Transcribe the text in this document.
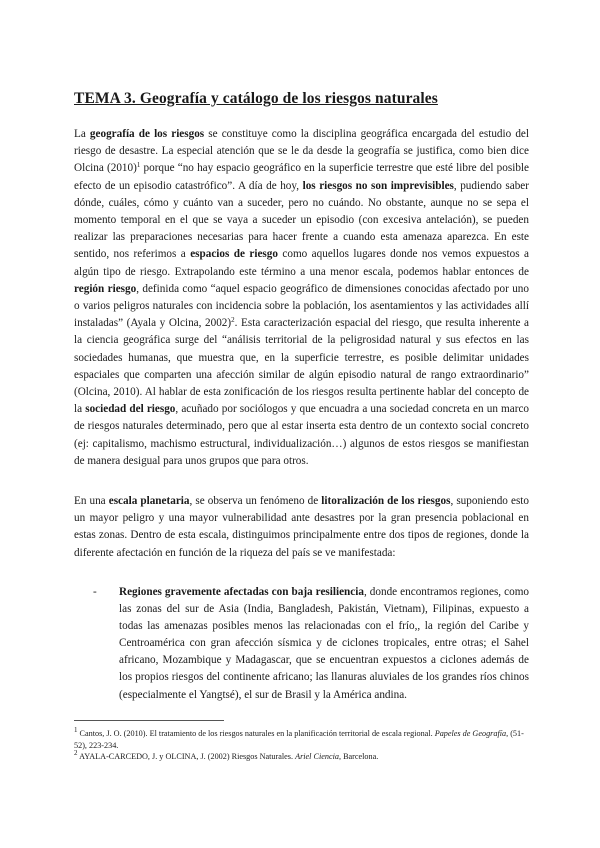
TEMA 3. Geografía y catálogo de los riesgos naturales

La geografía de los riesgos se constituye como la disciplina geográfica encargada del estudio del riesgo de desastre. La especial atención que se le da desde la geografía se justifica, como bien dice Olcina $(2010)^1$ porque “no hay espacio geográfico en la superficie terrestre que esté libre del posible efecto de un episodio catastrófico”. A día de hoy, los riesgos no son imprevisibles, pudiendo saber dónde, cuáles, cómo y cuánto van a suceder, pero no cuándo. No obstante, aunque no se sepa el momento temporal en el que se vaya a suceder un episodio (con excesiva antelación), se pueden realizar las preparaciones necesarias para hacer frente a cuando esta amenaza aparezca. En este sentido, nos referimos a espacios de riesgo como aquellos lugares donde nos vemos expuestos a algún tipo de riesgo. Extrapolando este término a una menor escala, podemos hablar entonces de región riesgo, definida como “aquel espacio geográfico de dimensiones conocidas afectado por uno o varios peligros naturales con incidencia sobre la población, los asentamientos y las actividades allí instaladas” (Ayala y Olcina, 2002)$^2$. Esta caracterización espacial del riesgo, que resulta inherente a la ciencia geográfica surge del “análisis territorial de la peligrosidad natural y sus efectos en las sociedades humanas, que muestra que, en la superficie terrestre, es posible delimitar unidades espaciales que comparten una afección similar de algún episodio natural de rango extraordinario” (Olcina, 2010). Al hablar de esta zonificación de los riesgos resulta pertinente hablar del concepto de la sociedad del riesgo, acuñado por sociólogos y que encuadra a una sociedad concreta en un marco de riesgos naturales determinado, pero que al estar inserta esta dentro de un contexto social concreto (ej: capitalismo, machismo estructural, individualización…) algunos de estos riesgos se manifiestan de manera desigual para unos grupos que para otros.

En una escala planetaria, se observa un fenómeno de litoralización de los riesgos, suponiendo esto un mayor peligro y una mayor vulnerabilidad ante desastres por la gran presencia poblacional en estas zonas. Dentro de esta escala, distinguimos principalmente entre dos tipos de regiones, donde la diferente afectación en función de la riqueza del país se ve manifestada:

- Regiones gravemente afectadas con baja resiliencia, donde encontramos regiones, como las zonas del sur de Asia (India, Bangladesh, Pakistán, Vietnam), Filipinas, expuesto a todas las amenazas posibles menos las relacionadas con el frío,, la región del Caribe y Centroamérica con gran afección sísmica y de ciclones tropicales, entre otras; el Sahel africano, Mozambique y Madagascar, que se encuentran expuestos a ciclones además de los propios riesgos del continente africano; las llanuras aluviales de los grandes ríos chinos (especialmente el Yangtsé), el sur de Brasil y la América andina.

$^1$ Cantos, J. O. (2010). El tratamiento de los riesgos naturales en la planificación territorial de escala regional. Papeles de Geografía, (51-52), 223-234.

$^2$ AYALA-CARCEDO, J. y OLCINA, J. (2002) Riesgos Naturales. Ariel Ciencia, Barcelona.
